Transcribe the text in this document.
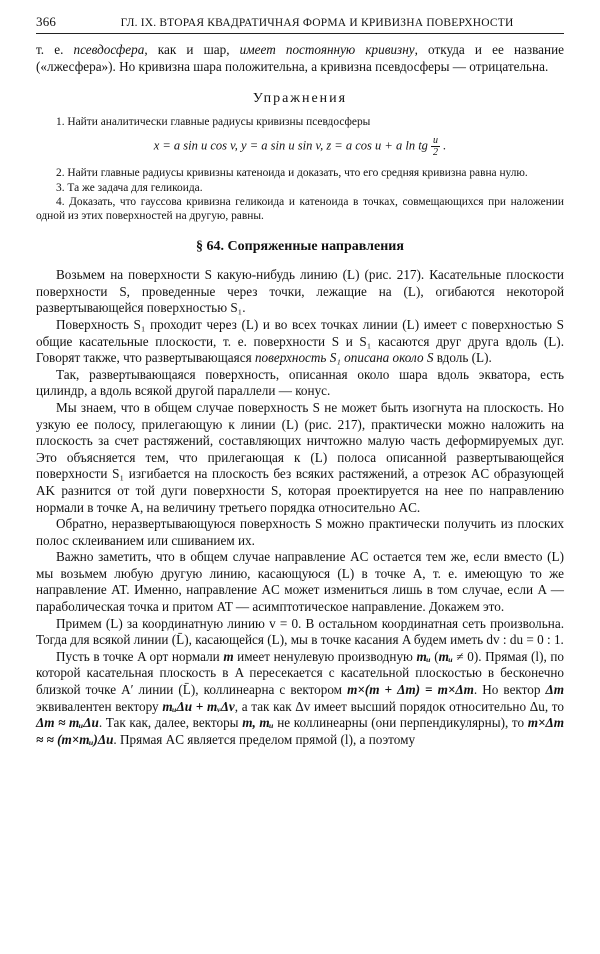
366	ГЛ. IX. ВТОРАЯ КВАДРАТИЧНАЯ ФОРМА И КРИВИЗНА ПОВЕРХНОСТИ

т. е. псевдосфера, как и шар, имеет постоянную кривизну, откуда и ее название («лжесфера»). Но кривизна шара положительна, а кривизна псевдосферы — отрицательна.

Упражнения

1. Найти аналитически главные радиусы кривизны псевдосферы

x = a sin u cos v, y = a sin u sin v, z = a cos u + a ln tg $\frac{u}{2}$ .

2. Найти главные радиусы кривизны катеноида и доказать, что его средняя кривизна равна нулю.

3. Та же задача для геликоида.

4. Доказать, что гауссова кривизна геликоида и катеноида в точках, совмещающихся при наложении одной из этих поверхностей на другую, равны.

§ 64. Сопряженные направления

Возьмем на поверхности S какую-нибудь линию (L) (рис. 217). Касательные плоскости поверхности S, проведенные через точки, лежащие на (L), огибаются некоторой развертывающейся поверхностью S₁.

Поверхность S₁ проходит через (L) и во всех точках линии (L) имеет с поверхностью S общие касательные плоскости, т. е. поверхности S и S₁ касаются друг друга вдоль (L). Говорят также, что развертывающаяся поверхность S₁ описана около S вдоль (L).

Так, развертывающаяся поверхность, описанная около шара вдоль экватора, есть цилиндр, а вдоль всякой другой параллели — конус.

Мы знаем, что в общем случае поверхность S не может быть изогнута на плоскость. Но узкую ее полосу, прилегающую к линии (L) (рис. 217), практически можно наложить на плоскость за счет растяжений, составляющих ничтожно малую часть деформируемых дуг. Это объясняется тем, что прилегающая к (L) полоса описанной развертывающейся поверхности S₁ изгибается на плоскость без всяких растяжений, а отрезок AC образующей AK разнится от той дуги поверхности S, которая проектируется на нее по направлению нормали в точке A, на величину третьего порядка относительно AC.

Обратно, неразвертывающуюся поверхность S можно практически получить из плоских полос склеиванием или сшиванием их.

Важно заметить, что в общем случае направление AC остается тем же, если вместо (L) мы возьмем любую другую линию, касающуюся (L) в точке A, т. е. имеющую то же направление AT. Именно, направление AC может измениться лишь в том случае, если A — параболическая точка и притом AT — асимптотическое направление. Докажем это.

Примем (L) за координатную линию v = 0. В остальном координатная сеть произвольна. Тогда для всякой линии (L̄), касающейся (L), мы в точке касания A будем иметь dv : du = 0 : 1.

Пусть в точке A орт нормали m имеет ненулевую производную mᵤ (mᵤ ≠ 0). Прямая (l), по которой касательная плоскость в A пересекается с касательной плоскостью в бесконечно близкой точке A′ линии (L̄), коллинеарна с вектором m×(m + Δm) = m×Δm. Но вектор Δm эквивалентен вектору mᵤΔu + mᵥΔv, а так как Δv имеет высший порядок относительно Δu, то Δm ≈ mᵤΔu. Так как, далее, векторы m, mᵤ не коллинеарны (они перпендикулярны), то m×Δm ≈ ≈ (m×mᵤ)Δu. Прямая AC является пределом прямой (l), а поэтому
